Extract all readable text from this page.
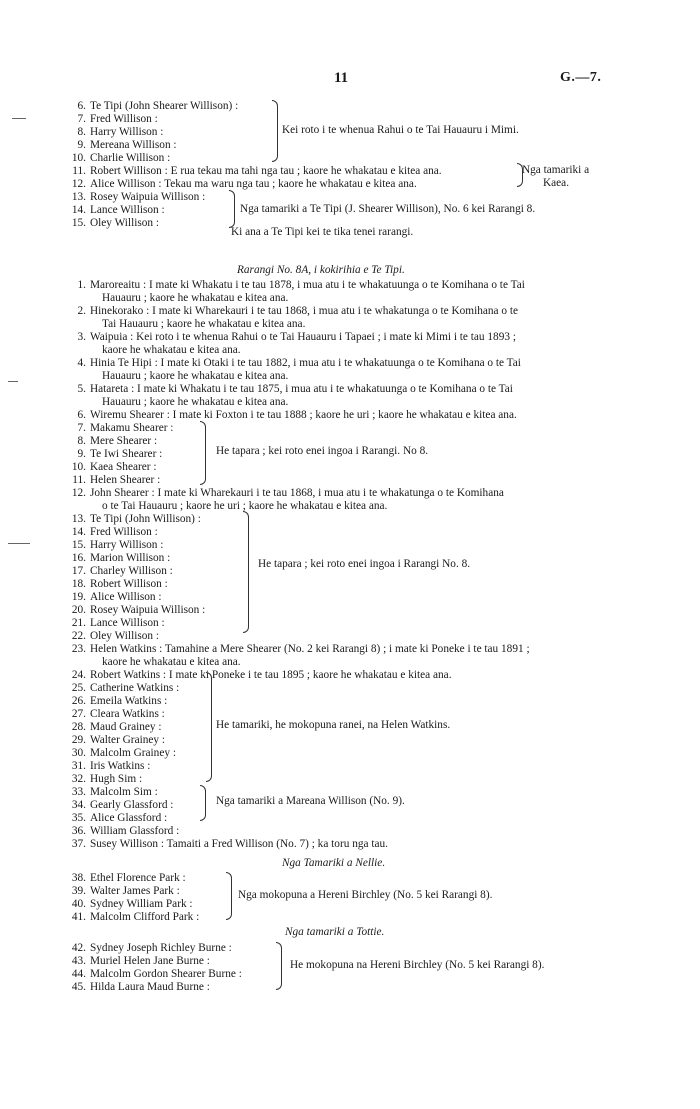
11	G.—7.
6. Te Tipi (John Shearer Willison) :
7. Fred Willison :
8. Harry Willison :
9. Mereana Willison :
10. Charlie Willison :
11. Robert Willison : E rua tekau ma tahi nga tau ; kaore he whakatau e kitea ana.
12. Alice Willison : Tekau ma waru nga tau ; kaore he whakatau e kitea ana.
13. Rosey Waipuia Willison :
14. Lance Willison :
15. Oley Willison :
Kei roto i te whenua Rahui o te Tai Hauauru i Mimi.
Nga tamariki a
Kaea.
Nga tamariki a Te Tipi (J. Shearer Willison), No. 6 kei Rarangi 8.
Ki ana a Te Tipi kei te tika tenei rarangi.
Rarangi No. 8A, i kokirihia e Te Tipi.
1. Maroreaitu : I mate ki Whakatu i te tau 1878, i mua atu i te whakatuunga o te Komihana o te Tai
Hauauru ; kaore he whakatau e kitea ana.
2. Hinekorako : I mate ki Wharekauri i te tau 1868, i mua atu i te whakatunga o te Komihana o te
Tai Hauauru ; kaore he whakatau e kitea ana.
3. Waipuia : Kei roto i te whenua Rahui o te Tai Hauauru i Tapaei ; i mate ki Mimi i te tau 1893 ;
kaore he whakatau e kitea ana.
4. Hinia Te Hipi : I mate ki Otaki i te tau 1882, i mua atu i te whakatuunga o te Komihana o te Tai
Hauauru ; kaore he whakatau e kitea ana.
5. Hatareta : I mate ki Whakatu i te tau 1875, i mua atu i te whakatuunga o te Komihana o te Tai
Hauauru ; kaore he whakatau e kitea ana.
6. Wiremu Shearer : I mate ki Foxton i te tau 1888 ; kaore he uri ; kaore he whakatau e kitea ana.
7. Makamu Shearer :
8. Mere Shearer :
9. Te Iwi Shearer :
10. Kaea Shearer :
11. Helen Shearer :
12. John Shearer : I mate ki Wharekauri i te tau 1868, i mua atu i te whakatunga o te Komihana
o te Tai Hauauru ; kaore he uri ; kaore he whakatau e kitea ana.
13. Te Tipi (John Willison) :
14. Fred Willison :
15. Harry Willison :
16. Marion Willison :
17. Charley Willison :
18. Robert Willison :
19. Alice Willison :
20. Rosey Waipuia Willison :
21. Lance Willison :
22. Oley Willison :
23. Helen Watkins : Tamahine a Mere Shearer (No. 2 kei Rarangi 8) ; i mate ki Poneke i te tau 1891 ;
kaore he whakatau e kitea ana.
24. Robert Watkins : I mate ki Poneke i te tau 1895 ; kaore he whakatau e kitea ana.
25. Catherine Watkins :
26. Emeila Watkins :
27. Cleara Watkins :
28. Maud Grainey :
29. Walter Grainey :
30. Malcolm Grainey :
31. Iris Watkins :
32. Hugh Sim :
33. Malcolm Sim :
34. Gearly Glassford :
35. Alice Glassford :
36. William Glassford :
37. Susey Willison : Tamaiti a Fred Willison (No. 7) ; ka toru nga tau.
He tapara ; kei roto enei ingoa i Rarangi. No 8.
He tapara ; kei roto enei ingoa i Rarangi No. 8.
He tamariki, he mokopuna ranei, na Helen Watkins.
Nga tamariki a Mareana Willison (No. 9).
Nga Tamariki a Nellie.
38. Ethel Florence Park :
39. Walter James Park :
40. Sydney William Park :
41. Malcolm Clifford Park :
Nga mokopuna a Hereni Birchley (No. 5 kei Rarangi 8).
Nga tamariki a Tottie.
42. Sydney Joseph Richley Burne :
43. Muriel Helen Jane Burne :
44. Malcolm Gordon Shearer Burne :
45. Hilda Laura Maud Burne :
He mokopuna na Hereni Birchley (No. 5 kei Rarangi 8).
